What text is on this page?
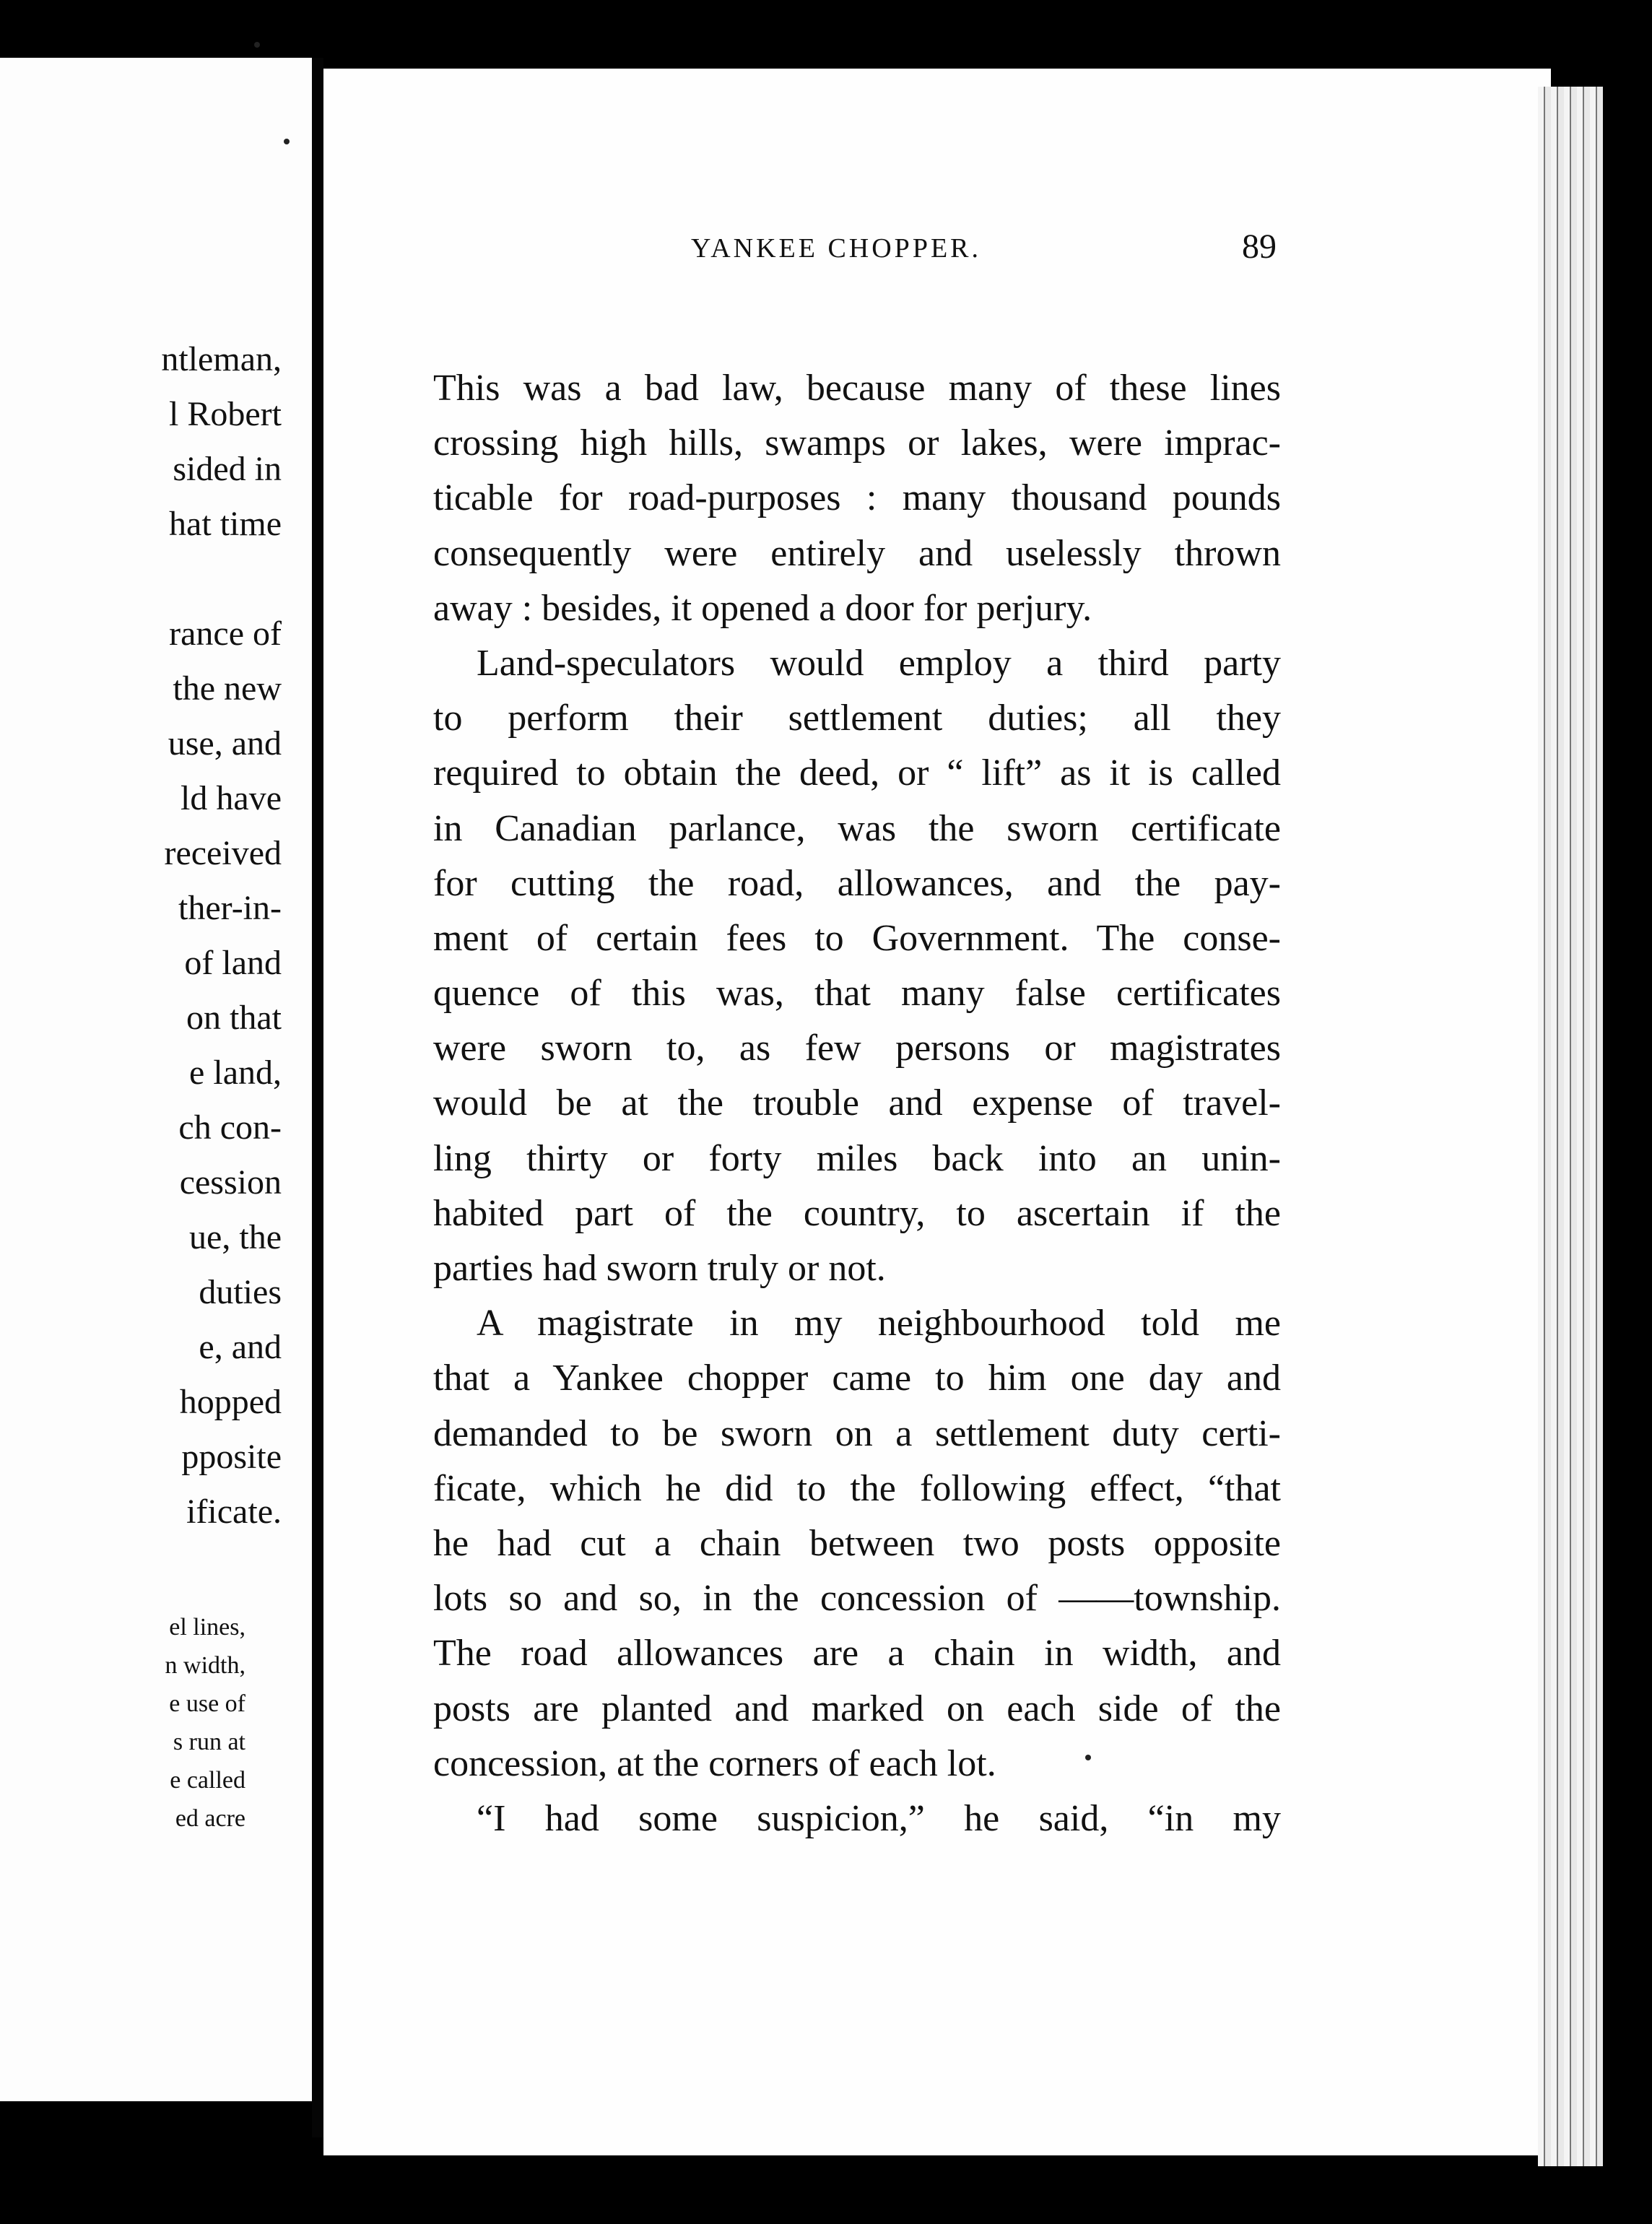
ntleman,
l Robert
sided in
hat time

rance of
the new
use, and
ld have
received
ther-in-
of land
on that
e land,
ch con-
cession
ue, the
duties
e, and
hopped
pposite
ificate.
el lines,
n width,
e use of
s run at
e called
ed acre
YANKEE CHOPPER.	89
This was a bad law, because many of these lines
crossing high hills, swamps or lakes, were imprac-
ticable for road-purposes : many thousand pounds
consequently were entirely and uselessly thrown
away : besides, it opened a door for perjury.
Land-speculators would employ a third party
to perform their settlement duties; all they
required to obtain the deed, or “ lift” as it is called
in Canadian parlance, was the sworn certificate
for cutting the road, allowances, and the pay-
ment of certain fees to Government. The conse-
quence of this was, that many false certificates
were sworn to, as few persons or magistrates
would be at the trouble and expense of travel-
ling thirty or forty miles back into an unin-
habited part of the country, to ascertain if the
parties had sworn truly or not.
A magistrate in my neighbourhood told me
that a Yankee chopper came to him one day and
demanded to be sworn on a settlement duty certi-
ficate, which he did to the following effect, “that
he had cut a chain between two posts opposite
lots so and so, in the concession of ——township.
The road allowances are a chain in width, and
posts are planted and marked on each side of the
concession, at the corners of each lot.
“I had some suspicion,” he said, “in my
